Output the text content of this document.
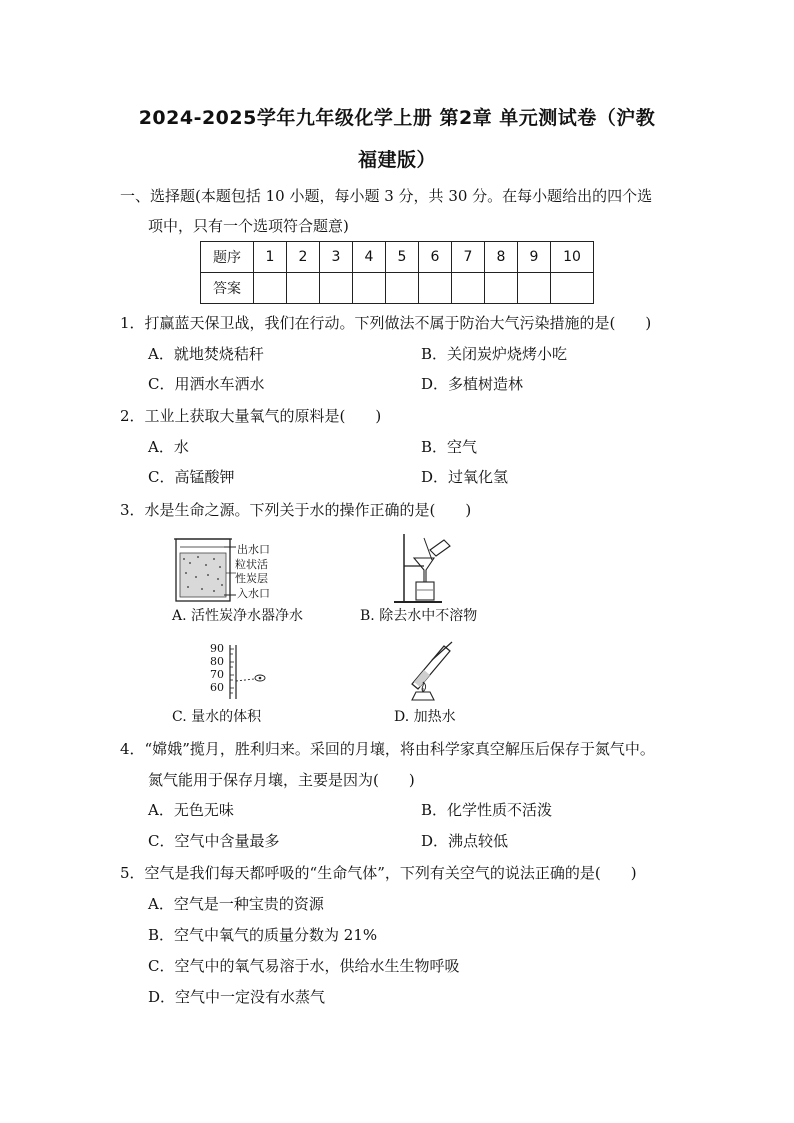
2024-2025学年九年级化学上册 第2章 单元测试卷（沪教
福建版）
一、选择题(本题包括 10 小题，每小题 3 分，共 30 分。在每小题给出的四个选
项中，只有一个选项符合题意)
题序	1	2	3	4	5	6	7	8	9	10
答案										
1．打赢蓝天保卫战，我们在行动。下列做法不属于防治大气污染措施的是(　　)
A．就地焚烧秸秆	B．关闭炭炉烧烤小吃
C．用洒水车洒水	D．多植树造林
2．工业上获取大量氧气的原料是(　　)
A．水	B．空气
C．高锰酸钾	D．过氧化氢
3．水是生命之源。下列关于水的操作正确的是(　　)
出水口
粒状活
性炭层
入水口
A. 活性炭净水器净水	B. 除去水中不溶物
90
80
70
60
C. 量水的体积	D. 加热水
4．“嫦娥”揽月，胜利归来。采回的月壤，将由科学家真空解压后保存于氮气中。
氮气能用于保存月壤，主要是因为(　　)
A．无色无味	B．化学性质不活泼
C．空气中含量最多	D．沸点较低
5．空气是我们每天都呼吸的“生命气体”，下列有关空气的说法正确的是(　　)
A．空气是一种宝贵的资源
B．空气中氧气的质量分数为 21%
C．空气中的氧气易溶于水，供给水生生物呼吸
D．空气中一定没有水蒸气
